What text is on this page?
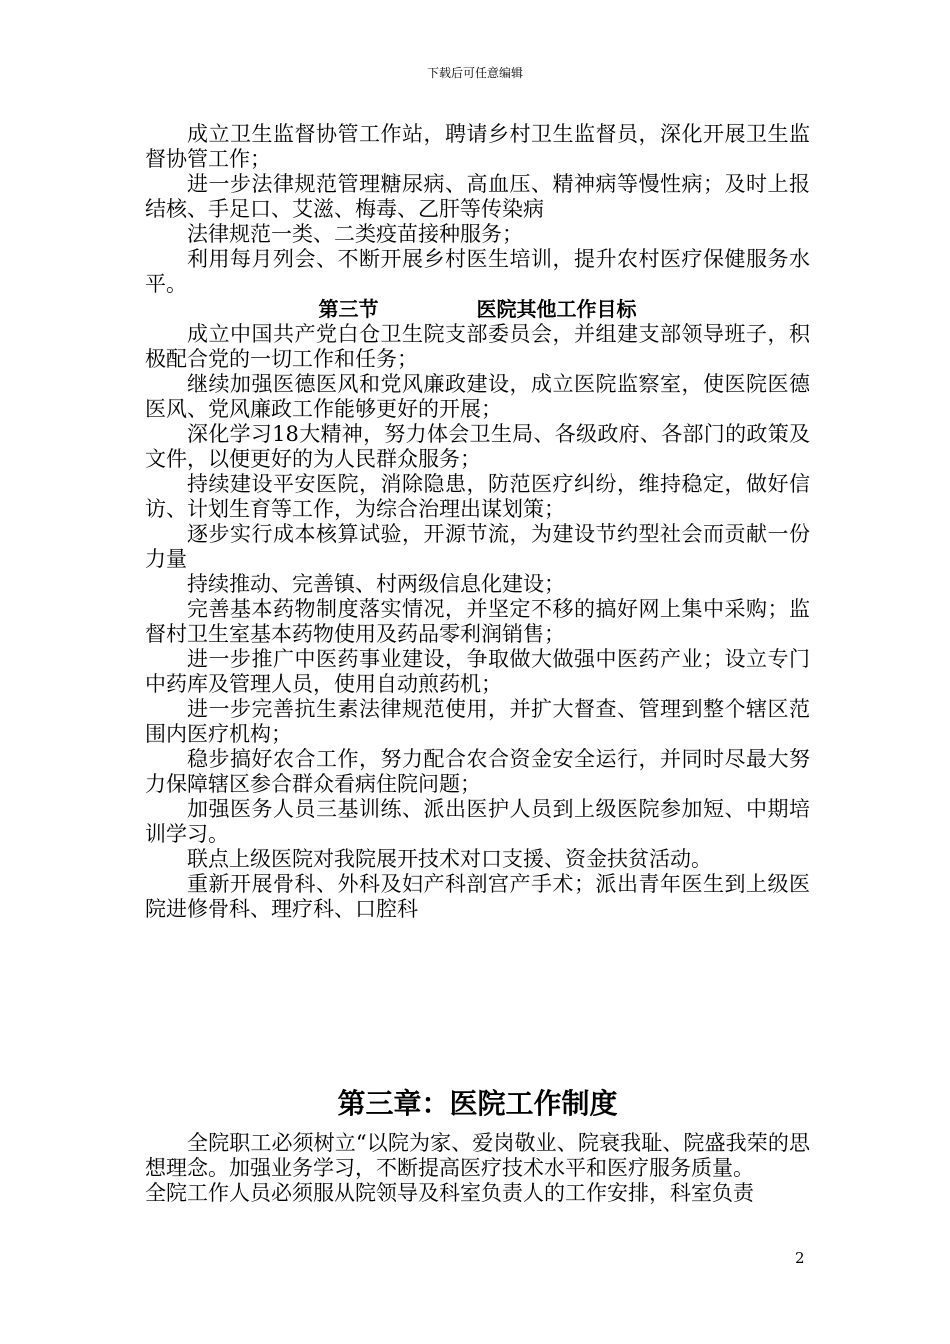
下载后可任意编辑

成立卫生监督协管工作站，聘请乡村卫生监督员，深化开展卫生监督协管工作；

进一步法律规范管理糖尿病、高血压、精神病等慢性病；及时上报结核、手足口、艾滋、梅毒、乙肝等传染病

法律规范一类、二类疫苗接种服务；

利用每月列会、不断开展乡村医生培训，提升农村医疗保健服务水平。

第三节	医院其他工作目标

成立中国共产党白仓卫生院支部委员会，并组建支部领导班子，积极配合党的一切工作和任务；

继续加强医德医风和党风廉政建设，成立医院监察室，使医院医德医风、党风廉政工作能够更好的开展；

深化学习18大精神，努力体会卫生局、各级政府、各部门的政策及文件，以便更好的为人民群众服务；

持续建设平安医院，消除隐患，防范医疗纠纷，维持稳定，做好信访、计划生育等工作，为综合治理出谋划策；

逐步实行成本核算试验，开源节流，为建设节约型社会而贡献一份力量

持续推动、完善镇、村两级信息化建设；

完善基本药物制度落实情况，并坚定不移的搞好网上集中采购；监督村卫生室基本药物使用及药品零利润销售；

进一步推广中医药事业建设，争取做大做强中医药产业；设立专门中药库及管理人员，使用自动煎药机；

进一步完善抗生素法律规范使用，并扩大督查、管理到整个辖区范围内医疗机构；

稳步搞好农合工作，努力配合农合资金安全运行，并同时尽最大努力保障辖区参合群众看病住院问题；

加强医务人员三基训练、派出医护人员到上级医院参加短、中期培训学习。

联点上级医院对我院展开技术对口支援、资金扶贫活动。

重新开展骨科、外科及妇产科剖宫产手术；派出青年医生到上级医院进修骨科、理疗科、口腔科

第三章：医院工作制度

全院职工必须树立“以院为家、爱岗敬业、院衰我耻、院盛我荣的思想理念。加强业务学习，不断提高医疗技术水平和医疗服务质量。

全院工作人员必须服从院领导及科室负责人的工作安排，科室负责

2
